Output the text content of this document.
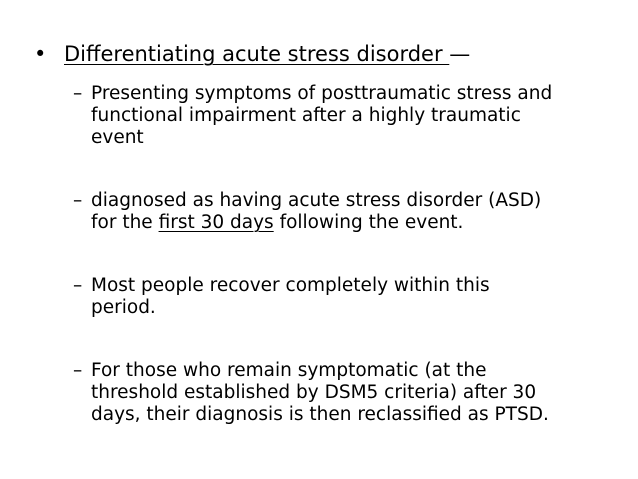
• Differentiating acute stress disorder —
– Presenting symptoms of posttraumatic stress and
functional impairment after a highly traumatic
event
– diagnosed as having acute stress disorder (ASD)
for the first 30 days following the event.
– Most people recover completely within this
period.
– For those who remain symptomatic (at the
threshold established by DSM5 criteria) after 30
days, their diagnosis is then reclassified as PTSD.
